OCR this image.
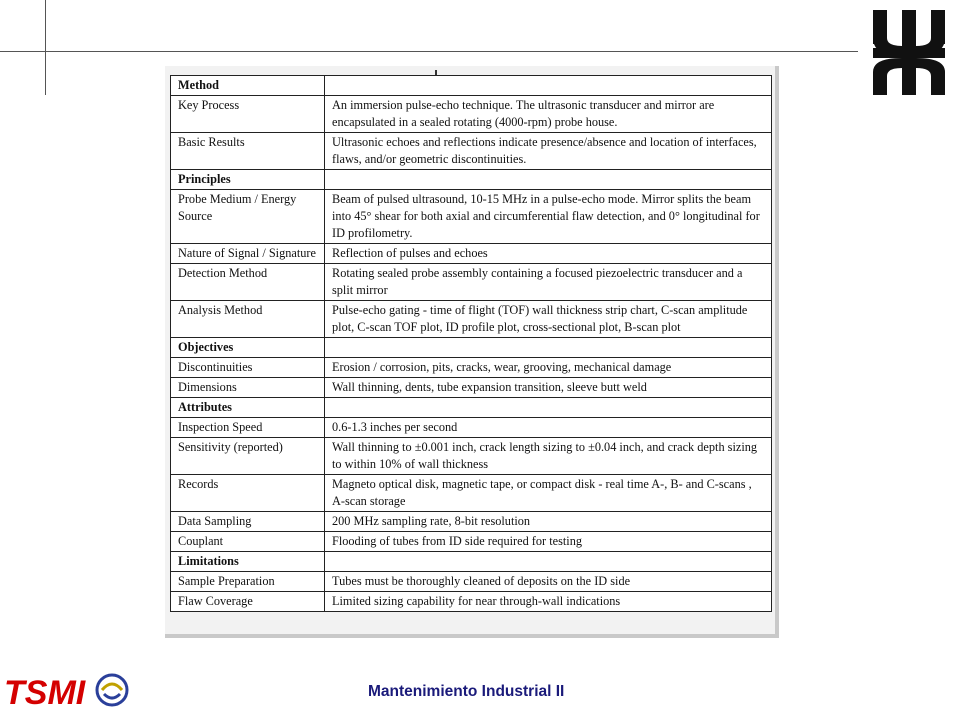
Method	
Key Process	An immersion pulse-echo technique. The ultrasonic transducer and mirror are encapsulated in a sealed rotating (4000-rpm) probe house.
Basic Results	Ultrasonic echoes and reflections indicate presence/absence and location of interfaces, flaws, and/or geometric discontinuities.
Principles	
Probe Medium / Energy Source	Beam of pulsed ultrasound, 10-15 MHz in a pulse-echo mode. Mirror splits the beam into 45° shear for both axial and circumferential flaw detection, and 0° longitudinal for ID profilometry.
Nature of Signal / Signature	Reflection of pulses and echoes
Detection Method	Rotating sealed probe assembly containing a focused piezoelectric transducer and a split mirror
Analysis Method	Pulse-echo gating - time of flight (TOF) wall thickness strip chart, C-scan amplitude plot, C-scan TOF plot, ID profile plot, cross-sectional plot, B-scan plot
Objectives	
Discontinuities	Erosion / corrosion, pits, cracks, wear, grooving, mechanical damage
Dimensions	Wall thinning, dents, tube expansion transition, sleeve butt weld
Attributes	
Inspection Speed	0.6-1.3 inches per second
Sensitivity (reported)	Wall thinning to ±0.001 inch, crack length sizing to ±0.04 inch, and crack depth sizing to within 10% of wall thickness
Records	Magneto optical disk, magnetic tape, or compact disk - real time A-, B- and C-scans , A-scan storage
Data Sampling	200 MHz sampling rate, 8-bit resolution
Couplant	Flooding of tubes from ID side required for testing
Limitations	
Sample Preparation	Tubes must be thoroughly cleaned of deposits on the ID side
Flaw Coverage	Limited sizing capability for near through-wall indications
TSMI	Mantenimiento Industrial II
